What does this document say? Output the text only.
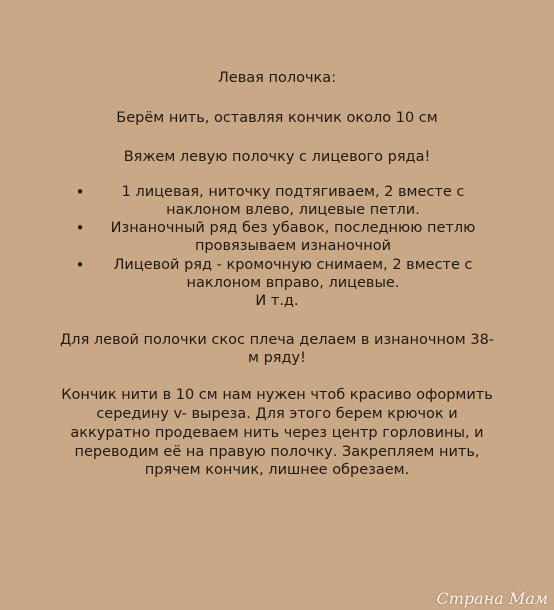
Левая полочка:
Берём нить, оставляя кончик около 10 см
Вяжем левую полочку с лицевого ряда!
•	1 лицевая, ниточку подтягиваем, 2 вместе с
наклоном влево, лицевые петли.
•	Изнаночный ряд без убавок, последнюю петлю
провязываем изнаночной
•	Лицевой ряд - кромочную снимаем, 2 вместе с
наклоном вправо, лицевые.
И т.д.
Для левой полочки скос плеча делаем в изнаночном 38-
м ряду!
Кончик нити в 10 см нам нужен чтоб красиво оформить
середину v- выреза. Для этого берем крючок и
аккуратно продеваем нить через центр горловины, и
переводим её на правую полочку. Закрепляем нить,
прячем кончик, лишнее обрезаем.
Страна Мам
